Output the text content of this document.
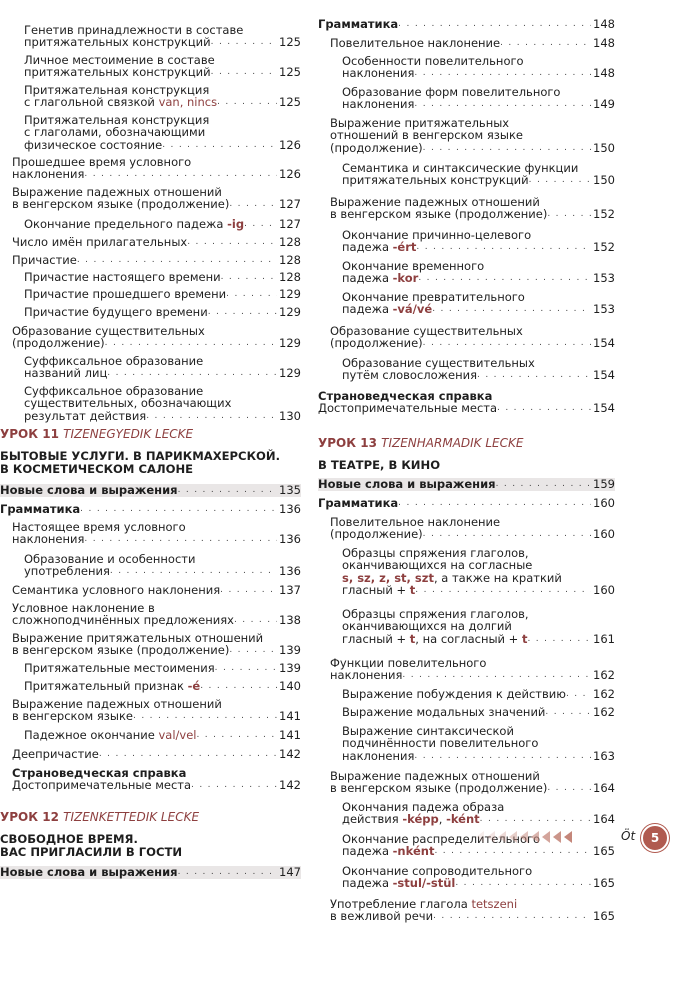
Генетив принадлежности в составе
притяжательных конструкций . . .	125
Личное местоимение в составе
притяжательных конструкций . . .	125
Притяжательная конструкция
с глагольной связкой van, nincs . . .	125
Притяжательная конструкция
с глаголами, обозначающими
физическое состояние . . .	126
Прошедшее время условного
наклонения . . .	126
Выражение падежных отношений
в венгерском языке (продолжение) . . .	127
Окончание предельного падежа -ig . . .	127
Число имён прилагательных . . .	128
Причастие . . .	128
Причастие настоящего времени . . .	128
Причастие прошедшего времени . . .	129
Причастие будущего времени . . .	129
Образование существительных
(продолжение) . . .	129
Суффиксальное образование
названий лиц . . .	129
Суффиксальное образование
существительных, обозначающих
результат действия . . .	130
УРОК 11 TIZENEGYEDIK LECKE
БЫТОВЫЕ УСЛУГИ. В ПАРИКМАХЕРСКОЙ.
В КОСМЕТИЧЕСКОМ САЛОНЕ
Новые слова и выражения . . .	135
Грамматика . . .	136
Настоящее время условного
наклонения . . .	136
Образование и особенности
употребления . . .	136
Семантика условного наклонения . . .	137
Условное наклонение в
сложноподчинённых предложениях . . .	138
Выражение притяжательных отношений
в венгерском языке (продолжение) . . .	139
Притяжательные местоимения . . .	139
Притяжательный признак -é . . .	140
Выражение падежных отношений
в венгерском языке . . .	141
Падежное окончание val/vel . . .	141
Деепричастие . . .	142
Страноведческая справка
Достопримечательные места . . .	142
УРОК 12 TIZENKETTEDIK LECKE
СВОБОДНОЕ ВРЕМЯ.
ВАС ПРИГЛАСИЛИ В ГОСТИ
Новые слова и выражения . . .	147
Грамматика . . .	148
Повелительное наклонение . . .	148
Особенности повелительного
наклонения . . .	148
Образование форм повелительного
наклонения . . .	149
Выражение притяжательных
отношений в венгерском языке
(продолжение) . . .	150
Семантика и синтаксические функции
притяжательных конструкций . . .	150
Выражение падежных отношений
в венгерском языке (продолжение) . . .	152
Окончание причинно-целевого
падежа -ért . . .	152
Окончание временного
падежа -kor . . .	153
Окончание превратительного
падежа -vá/vé . . .	153
Образование существительных
(продолжение) . . .	154
Образование существительных
путём словосложения . . .	154
Страноведческая справка
Достопримечательные места . . .	154
УРОК 13 TIZENHARMADIK LECKE
В ТЕАТРЕ, В КИНО
Новые слова и выражения . . .	159
Грамматика . . .	160
Повелительное наклонение
(продолжение) . . .	160
Образцы спряжения глаголов,
оканчивающихся на согласные
s, sz, z, st, szt, а также на краткий
гласный + t . . .	160
Образцы спряжения глаголов,
оканчивающихся на долгий
гласный + t, на согласный + t . . .	161
Функции повелительного
наклонения . . .	162
Выражение побуждения к действию . . . 162
Выражение модальных значений . . .	162
Выражение синтаксической
подчинённости повелительного
наклонения . . .	163
Выражение падежных отношений
в венгерском языке (продолжение) . . .	164
Окончания падежа образа
действия -képp, -ként . . .	164
Окончание распределительного
падежа -nként . . .	165
Окончание сопроводительного
падежа -stul/-stül . . .	165
Употребление глагола tetszeni
в вежливой речи . . .	165
Öt	5
